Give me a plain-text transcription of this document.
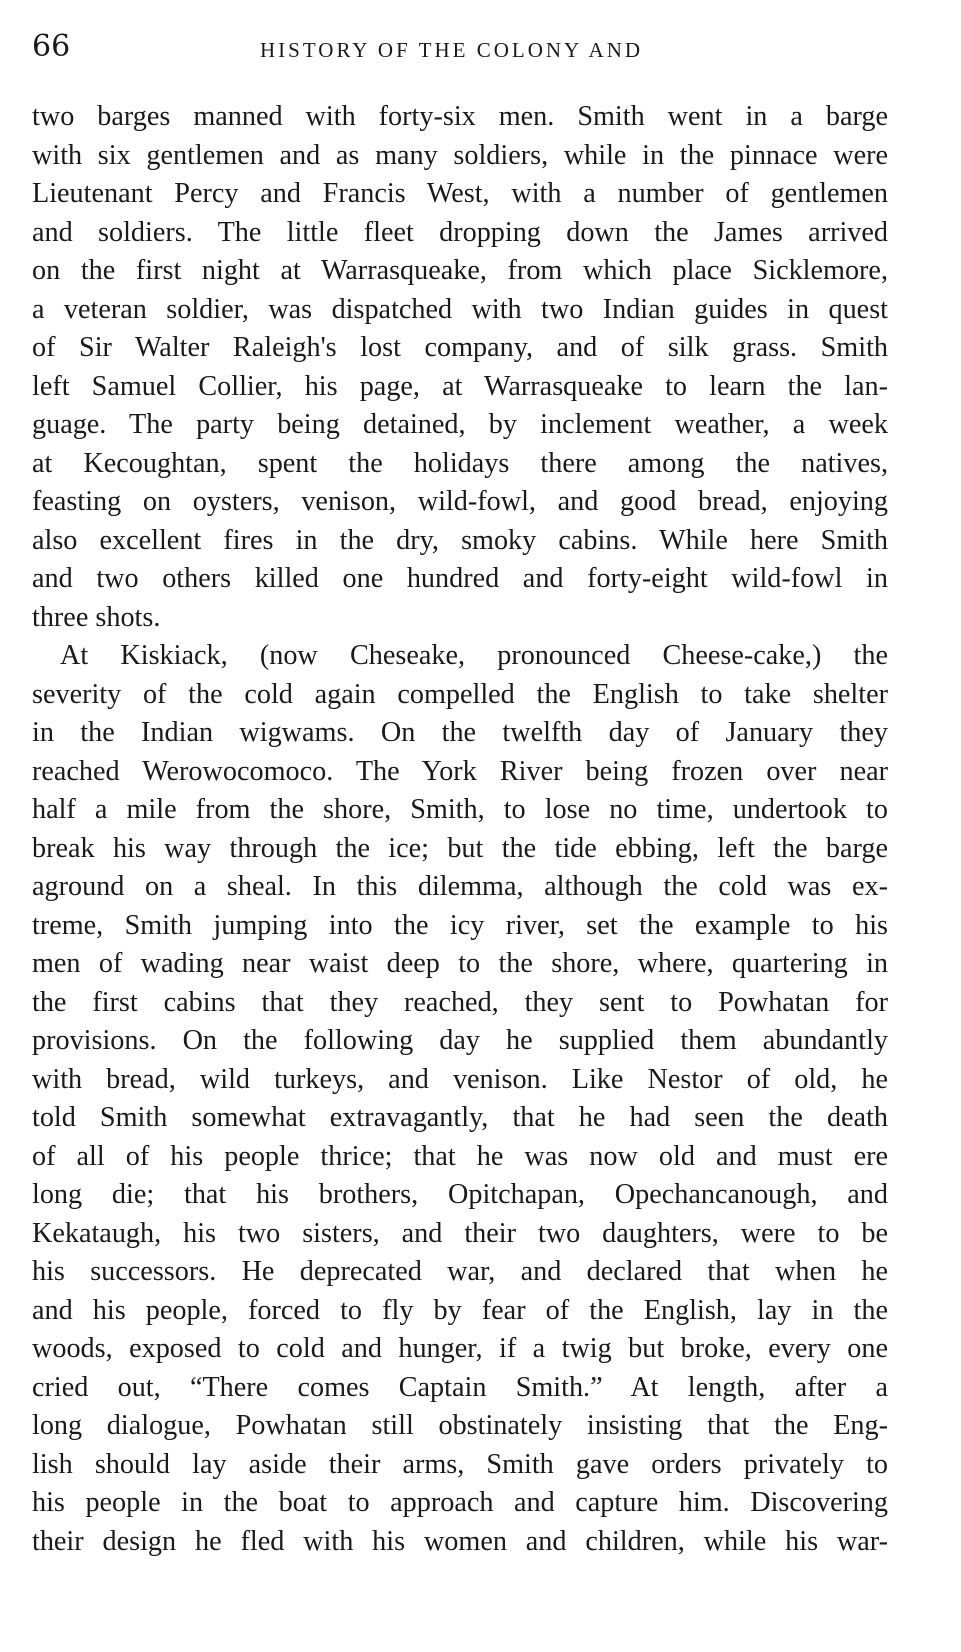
66	HISTORY OF THE COLONY AND
two barges manned with forty-six men. Smith went in a barge
with six gentlemen and as many soldiers, while in the pinnace were
Lieutenant Percy and Francis West, with a number of gentlemen
and soldiers. The little fleet dropping down the James arrived
on the first night at Warrasqueake, from which place Sicklemore,
a veteran soldier, was dispatched with two Indian guides in quest
of Sir Walter Raleigh's lost company, and of silk grass. Smith
left Samuel Collier, his page, at Warrasqueake to learn the lan-
guage. The party being detained, by inclement weather, a week
at Kecoughtan, spent the holidays there among the natives,
feasting on oysters, venison, wild-fowl, and good bread, enjoying
also excellent fires in the dry, smoky cabins. While here Smith
and two others killed one hundred and forty-eight wild-fowl in
three shots.
At Kiskiack, (now Cheseake, pronounced Cheese-cake,) the
severity of the cold again compelled the English to take shelter
in the Indian wigwams. On the twelfth day of January they
reached Werowocomoco. The York River being frozen over near
half a mile from the shore, Smith, to lose no time, undertook to
break his way through the ice; but the tide ebbing, left the barge
aground on a sheal. In this dilemma, although the cold was ex-
treme, Smith jumping into the icy river, set the example to his
men of wading near waist deep to the shore, where, quartering in
the first cabins that they reached, they sent to Powhatan for
provisions. On the following day he supplied them abundantly
with bread, wild turkeys, and venison. Like Nestor of old, he
told Smith somewhat extravagantly, that he had seen the death
of all of his people thrice; that he was now old and must ere
long die; that his brothers, Opitchapan, Opechancanough, and
Kekataugh, his two sisters, and their two daughters, were to be
his successors. He deprecated war, and declared that when he
and his people, forced to fly by fear of the English, lay in the
woods, exposed to cold and hunger, if a twig but broke, every one
cried out, “There comes Captain Smith.” At length, after a
long dialogue, Powhatan still obstinately insisting that the Eng-
lish should lay aside their arms, Smith gave orders privately to
his people in the boat to approach and capture him. Discovering
their design he fled with his women and children, while his war-
